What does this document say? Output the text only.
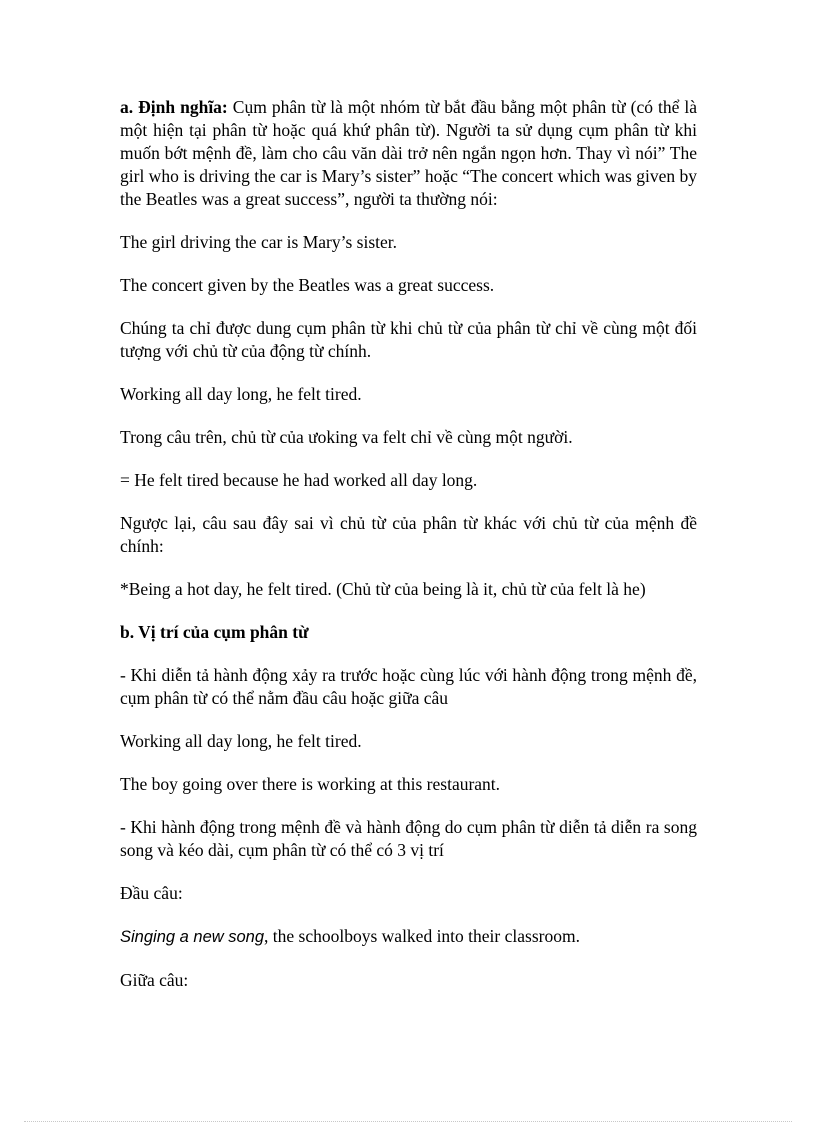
a. Định nghĩa: Cụm phân từ là một nhóm từ bắt đầu bằng một phân từ (có thể là một hiện tại phân từ hoặc quá khứ phân từ). Người ta sử dụng cụm phân từ khi muốn bớt mệnh đề, làm cho câu văn dài trở nên ngắn ngọn hơn. Thay vì nói” The girl who is driving the car is Mary’s sister” hoặc “The concert which was given by the Beatles was a great success”, người ta thường nói:

The girl driving the car is Mary’s sister.

The concert given by the Beatles was a great success.

Chúng ta chỉ được dung cụm phân từ khi chủ từ của phân từ chỉ về cùng một đối tượng với chủ từ của động từ chính.

Working all day long, he felt tired.

Trong câu trên, chủ từ của ưoking va felt chỉ về cùng một người.

= He felt tired because he had worked all day long.

Ngược lại, câu sau đây sai vì chủ từ của phân từ khác với chủ từ của mệnh đề chính:

*Being a hot day, he felt tired. (Chủ từ của being là it, chủ từ của felt là he)

b. Vị trí của cụm phân từ

- Khi diễn tả hành động xảy ra trước hoặc cùng lúc với hành động trong mệnh đề, cụm phân từ có thể nằm đầu câu hoặc giữa câu

Working all day long, he felt tired.

The boy going over there is working at this restaurant.

- Khi hành động trong mệnh đề và hành động do cụm phân từ diễn tả diễn ra song song và kéo dài, cụm phân từ có thể có 3 vị trí

Đầu câu:

Singing a new song, the schoolboys walked into their classroom.

Giữa câu:
